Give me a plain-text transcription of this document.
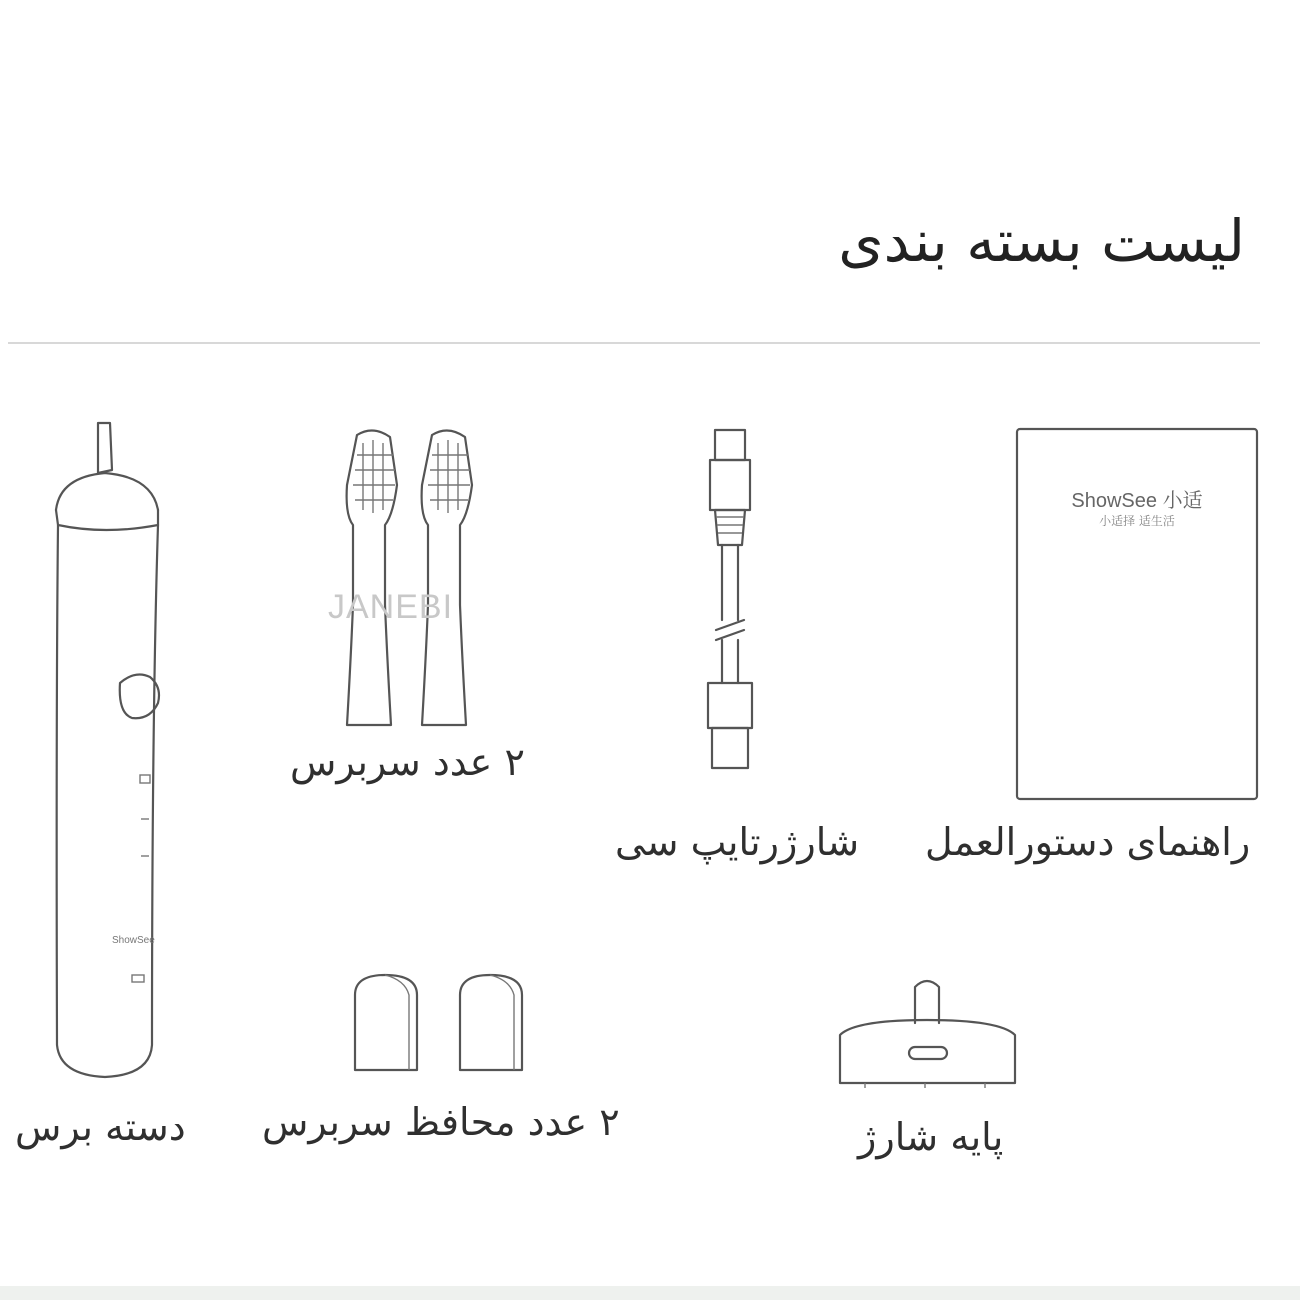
لیست بسته بندی
ShowSee
دسته برس
JANEBI
۲ عدد سربرس
شارژرتایپ سی
ShowSee 小适
小适择 适生活
راهنمای دستورالعمل
۲ عدد محافظ سربرس	پایه شارژ
